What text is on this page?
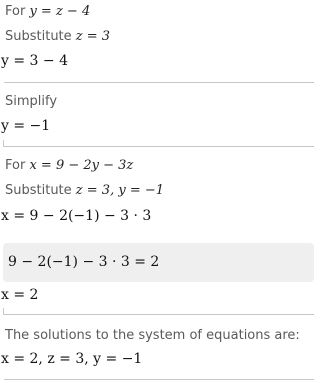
For y = z − 4
Substitute z = 3
y = 3 − 4
Simplify
y = −1
For x = 9 − 2y − 3z
Substitute z = 3, y = −1
x = 9 − 2(−1) − 3 · 3
9 − 2(−1) − 3 · 3 = 2
x = 2
The solutions to the system of equations are:
x = 2, z = 3, y = −1
